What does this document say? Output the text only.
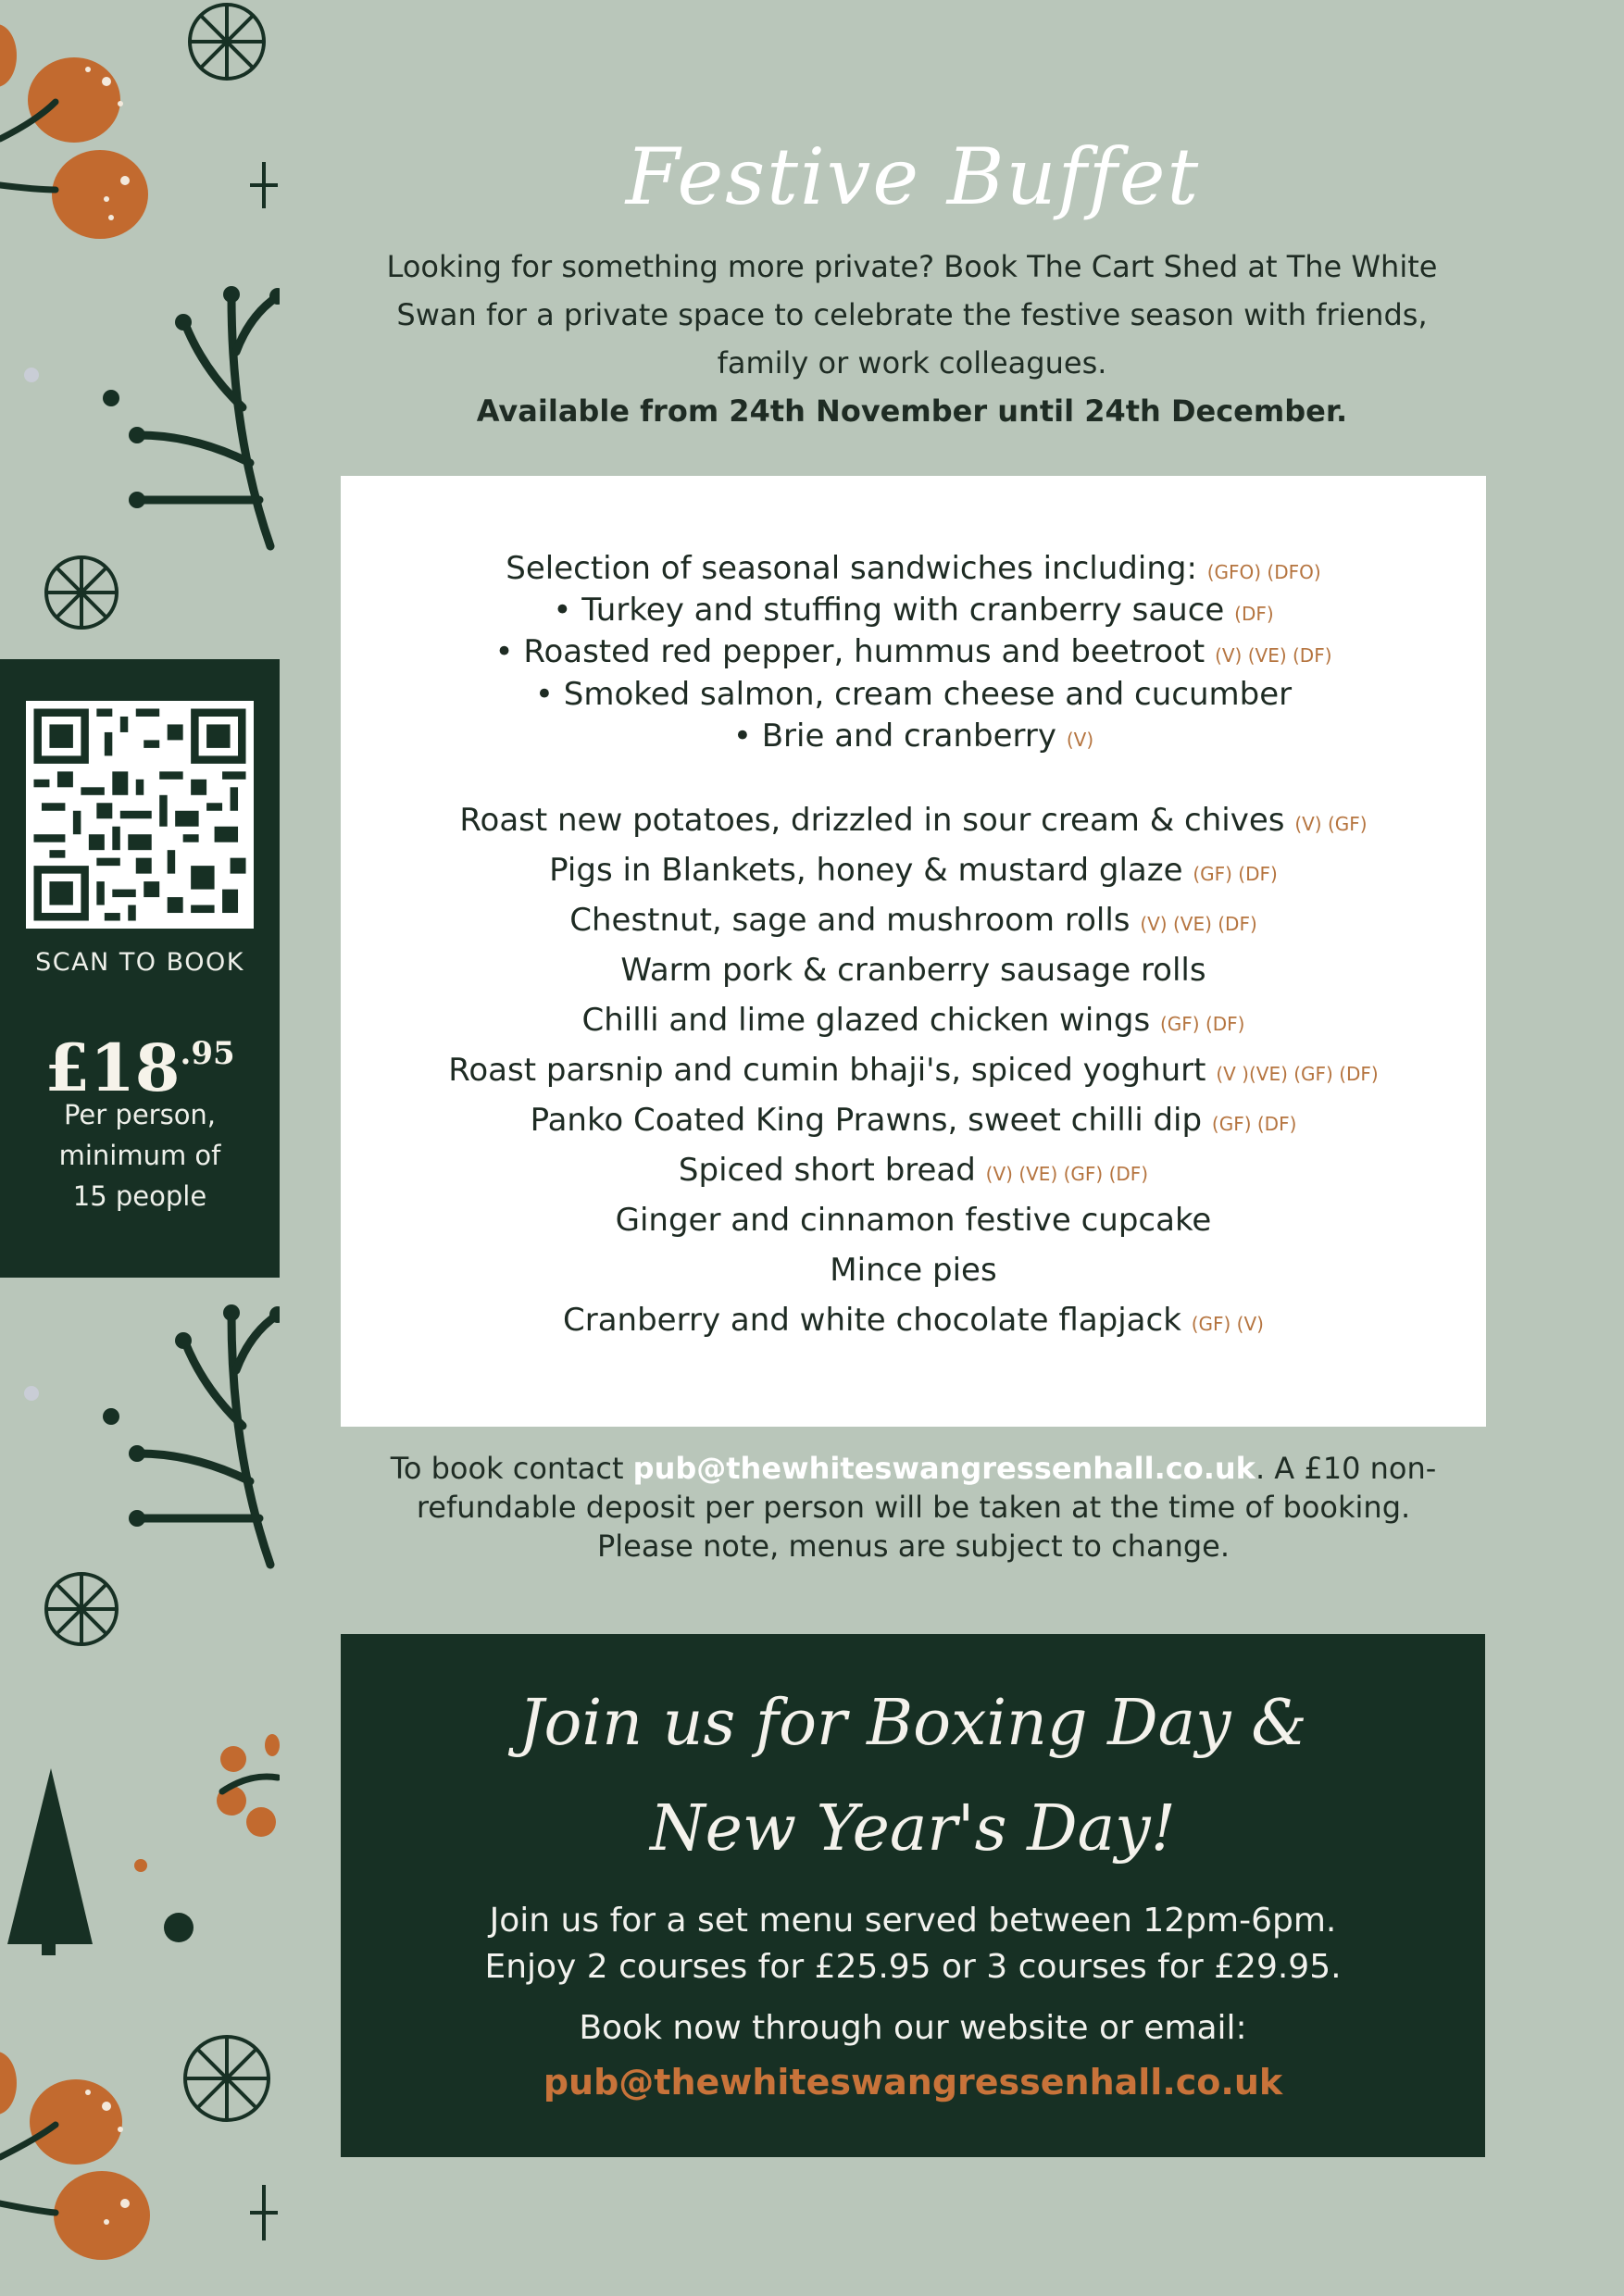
SCAN TO BOOK
$£18^{.95}$
Per person,
minimum of
15 people
Festive Buffet
Looking for something more private? Book The Cart Shed at The White Swan for a private space to celebrate the festive season with friends, family or work colleagues.
Available from 24th November until 24th December.
Selection of seasonal sandwiches including: (GFO) (DFO)
• Turkey and stuffing with cranberry sauce (DF)
• Roasted red pepper, hummus and beetroot (V) (VE) (DF)
• Smoked salmon, cream cheese and cucumber
• Brie and cranberry (V)
Roast new potatoes, drizzled in sour cream & chives (V) (GF)
Pigs in Blankets, honey & mustard glaze (GF) (DF)
Chestnut, sage and mushroom rolls (V) (VE) (DF)
Warm pork & cranberry sausage rolls
Chilli and lime glazed chicken wings (GF) (DF)
Roast parsnip and cumin bhaji's, spiced yoghurt (V )(VE) (GF) (DF)
Panko Coated King Prawns, sweet chilli dip (GF) (DF)
Spiced short bread (V) (VE) (GF) (DF)
Ginger and cinnamon festive cupcake
Mince pies
Cranberry and white chocolate flapjack (GF) (V)
To book contact pub@thewhiteswangressenhall.co.uk. A £10 non-refundable deposit per person will be taken at the time of booking.
Please note, menus are subject to change.
Join us for Boxing Day &
New Year's Day!
Join us for a set menu served between 12pm-6pm.
Enjoy 2 courses for £25.95 or 3 courses for £29.95.
Book now through our website or email:
pub@thewhiteswangressenhall.co.uk
